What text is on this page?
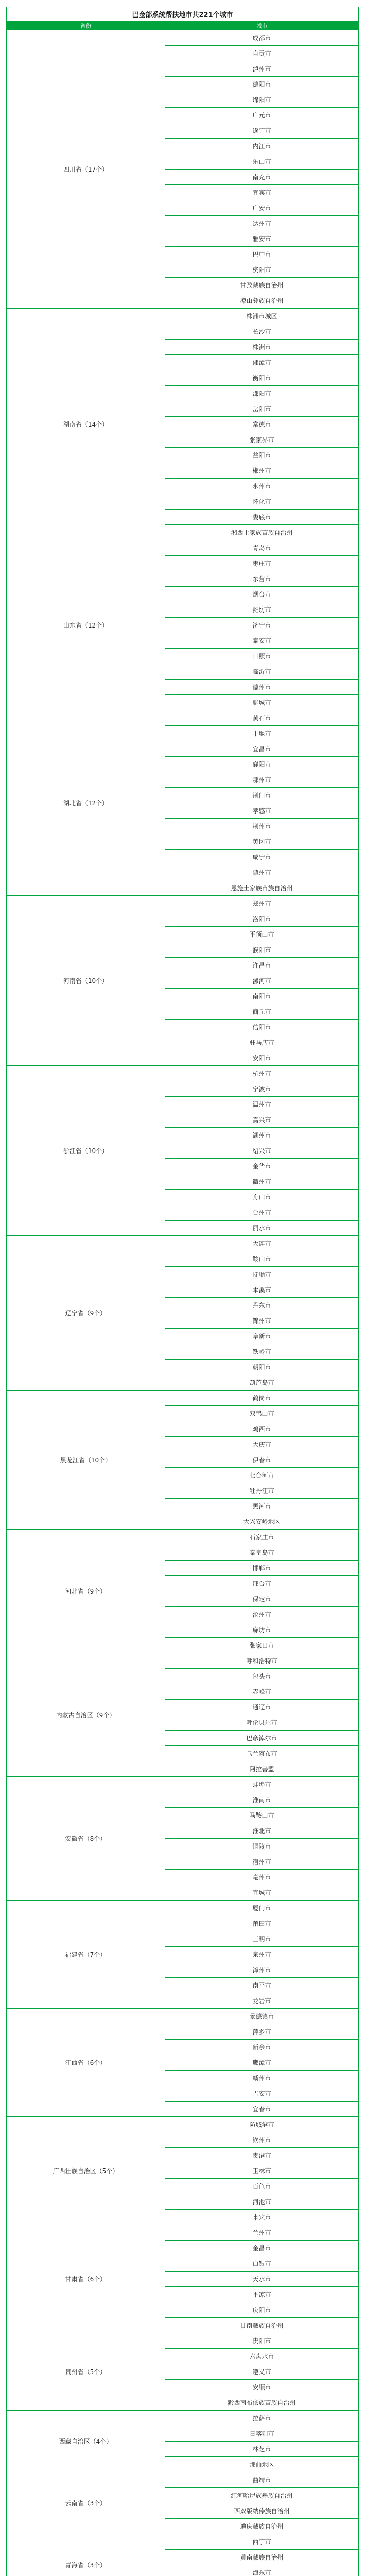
巴金部系统帮扶地市共221个城市	
省份	城市
四川省（17个）	成都市
	自贡市
	泸州市
	德阳市
	绵阳市
	广元市
	遂宁市
	内江市
	乐山市
	南充市
	宜宾市
	广安市
	达州市
	雅安市
	巴中市
	资阳市
	甘孜藏族自治州
	凉山彝族自治州
湖南省（14个）	株洲市城区
	长沙市
	株洲市
	湘潭市
	衡阳市
	邵阳市
	岳阳市
	常德市
	张家界市
	益阳市
	郴州市
	永州市
	怀化市
	娄底市
	湘西土家族苗族自治州
山东省（12个）	青岛市
	枣庄市
	东营市
	烟台市
	潍坊市
	济宁市
	泰安市
	日照市
	临沂市
	德州市
	聊城市
湖北省（12个）	黄石市
	十堰市
	宜昌市
	襄阳市
	鄂州市
	荆门市
	孝感市
	荆州市
	黄冈市
	咸宁市
	随州市
	恩施土家族苗族自治州
河南省（10个）	郑州市
	洛阳市
	平顶山市
	濮阳市
	许昌市
	漯河市
	南阳市
	商丘市
	信阳市
	驻马店市
	安阳市
浙江省（10个）	杭州市
	宁波市
	温州市
	嘉兴市
	湖州市
	绍兴市
	金华市
	衢州市
	舟山市
	台州市
	丽水市
辽宁省（9个）	大连市
	鞍山市
	抚顺市
	本溪市
	丹东市
	锦州市
	阜新市
	铁岭市
	朝阳市
	葫芦岛市
黑龙江省（10个）	鹤岗市
	双鸭山市
	鸡西市
	大庆市
	伊春市
	七台河市
	牡丹江市
	黑河市
	大兴安岭地区
河北省（9个）	石家庄市
	秦皇岛市
	邯郸市
	邢台市
	保定市
	沧州市
	廊坊市
	张家口市
内蒙古自治区（9个）	呼和浩特市
	包头市
	赤峰市
	通辽市
	呼伦贝尔市
	巴彦淖尔市
	乌兰察布市
	阿拉善盟
安徽省（8个）	蚌埠市
	淮南市
	马鞍山市
	淮北市
	铜陵市
	宿州市
	亳州市
	宣城市
福建省（7个）	厦门市
	莆田市
	三明市
	泉州市
	漳州市
	南平市
	龙岩市
江西省（6个）	景德镇市
	萍乡市
	新余市
	鹰潭市
	赣州市
	吉安市
	宜春市
广西壮族自治区（5个）	防城港市
	钦州市
	贵港市
	玉林市
	百色市
	河池市
	来宾市
甘肃省（6个）	兰州市
	金昌市
	白银市
	天水市
	平凉市
	庆阳市
	甘南藏族自治州
贵州省（5个）	贵阳市
	六盘水市
	遵义市
	安顺市
	黔西南布依族苗族自治州
西藏自治区（4个）	拉萨市
	日喀则市
	林芝市
	那曲地区
云南省（3个）	曲靖市
	红河哈尼族彝族自治州
	西双版纳傣族自治州
	迪庆藏族自治州
青海省（3个）	西宁市
	黄南藏族自治州
	海东市
